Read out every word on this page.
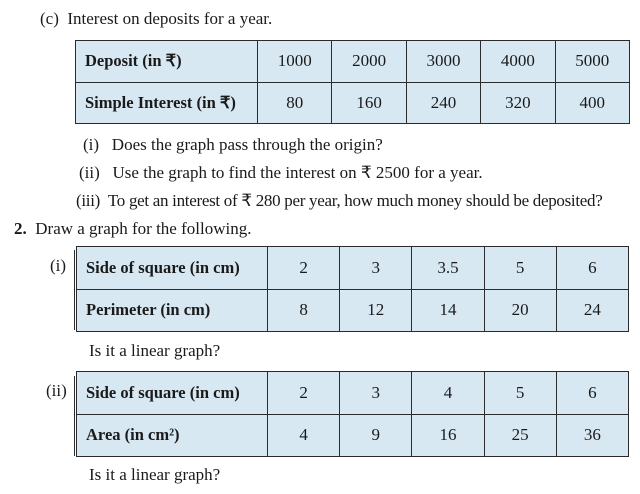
(c) Interest on deposits for a year.
Deposit (in ₹)	1000	2000	3000	4000	5000
Simple Interest (in ₹)	80	160	240	320	400
(i) Does the graph pass through the origin?
(ii) Use the graph to find the interest on ₹ 2500 for a year.
(iii) To get an interest of ₹ 280 per year, how much money should be deposited?
2. Draw a graph for the following.
(i) Side of square (in cm)	2	3	3.5	5	6
Perimeter (in cm)	8	12	14	20	24
Is it a linear graph?
(ii) Side of square (in cm)	2	3	4	5	6
Area (in cm²)	4	9	16	25	36
Is it a linear graph?
